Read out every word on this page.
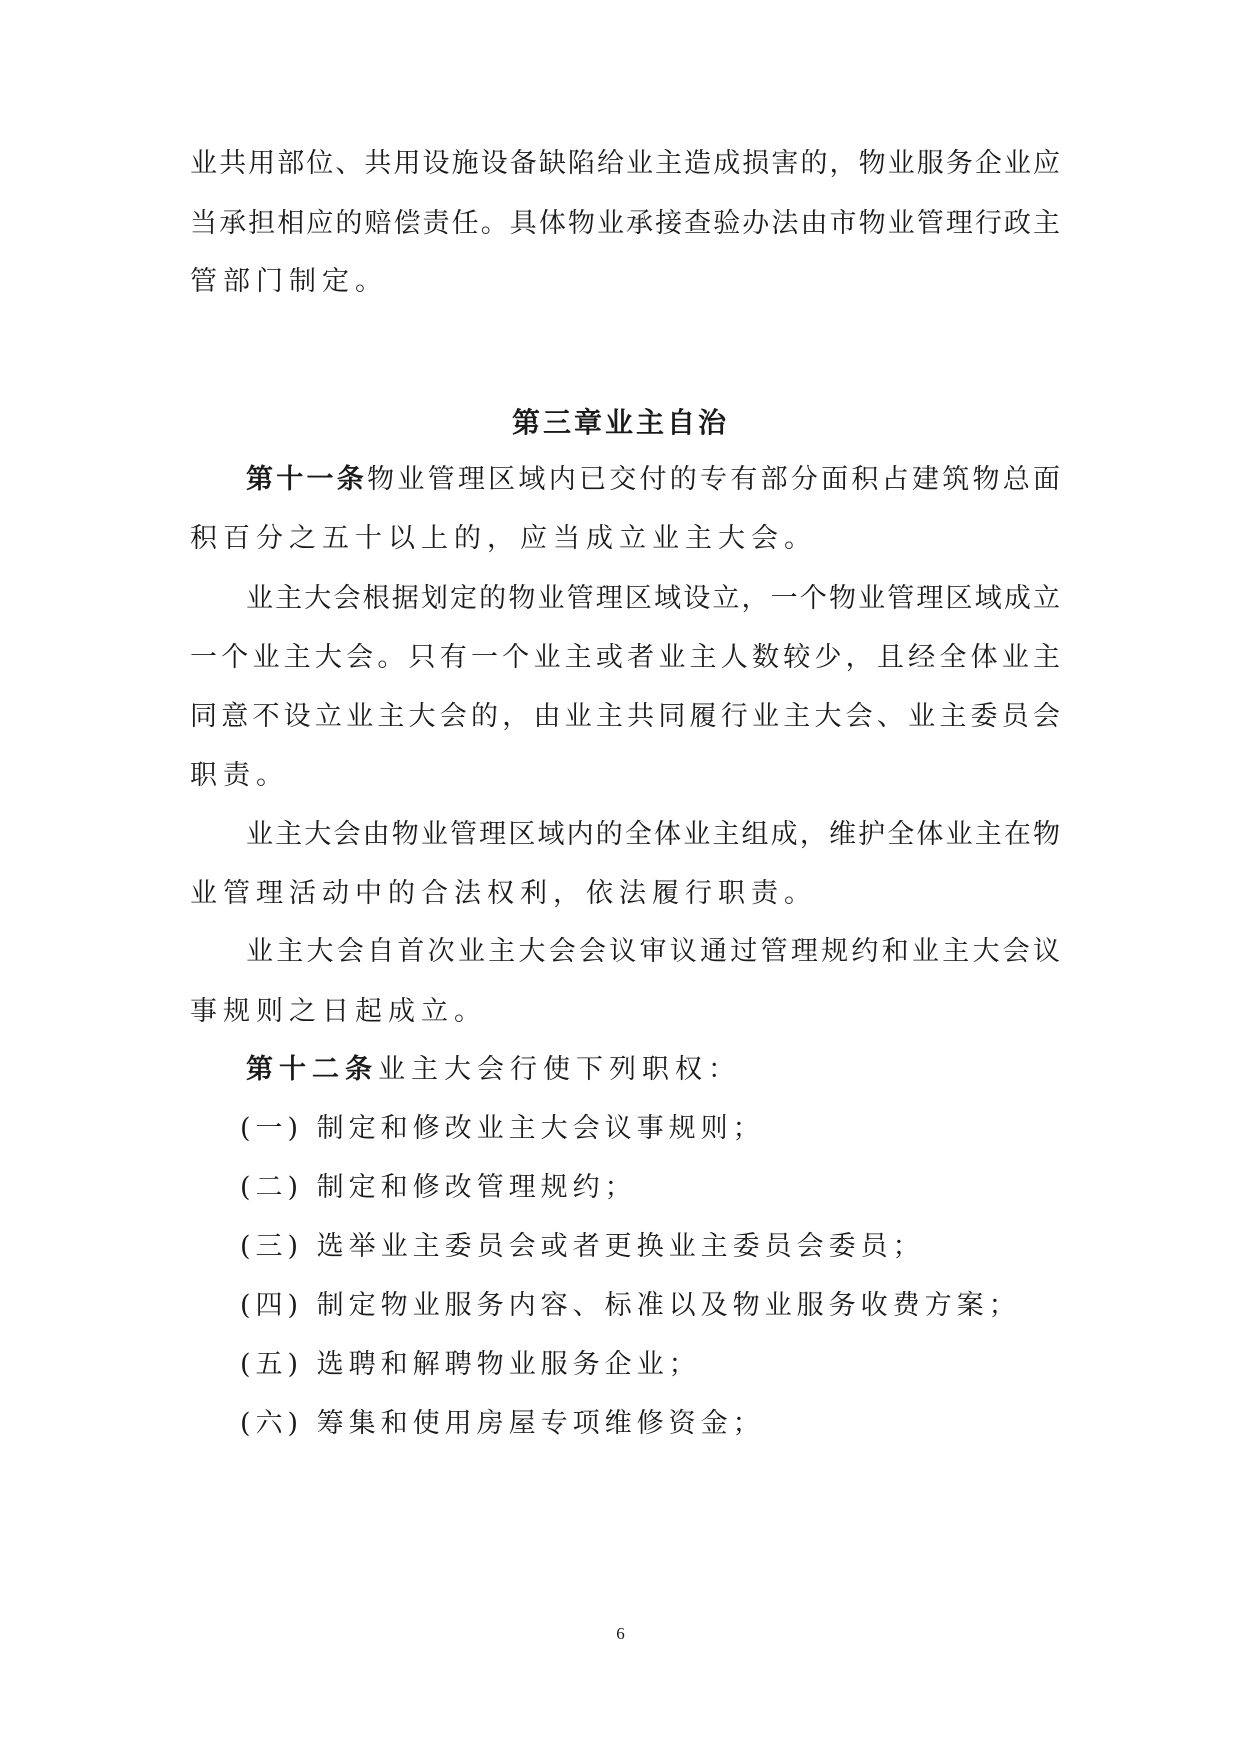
业共用部位、共用设施设备缺陷给业主造成损害的，物业服务企业应
当承担相应的赔偿责任。具体物业承接查验办法由市物业管理行政主
管部门制定。
第三章业主自治
第十一条物业管理区域内已交付的专有部分面积占建筑物总面
积百分之五十以上的，应当成立业主大会。
业主大会根据划定的物业管理区域设立，一个物业管理区域成立
一个业主大会。只有一个业主或者业主人数较少，且经全体业主
同意不设立业主大会的，由业主共同履行业主大会、业主委员会
职责。
业主大会由物业管理区域内的全体业主组成，维护全体业主在物
业管理活动中的合法权利，依法履行职责。
业主大会自首次业主大会会议审议通过管理规约和业主大会议
事规则之日起成立。
第十二条业主大会行使下列职权：
(一) 制定和修改业主大会议事规则；
(二) 制定和修改管理规约；
(三) 选举业主委员会或者更换业主委员会委员；
(四) 制定物业服务内容、标准以及物业服务收费方案；
(五) 选聘和解聘物业服务企业；
(六) 筹集和使用房屋专项维修资金；
6
